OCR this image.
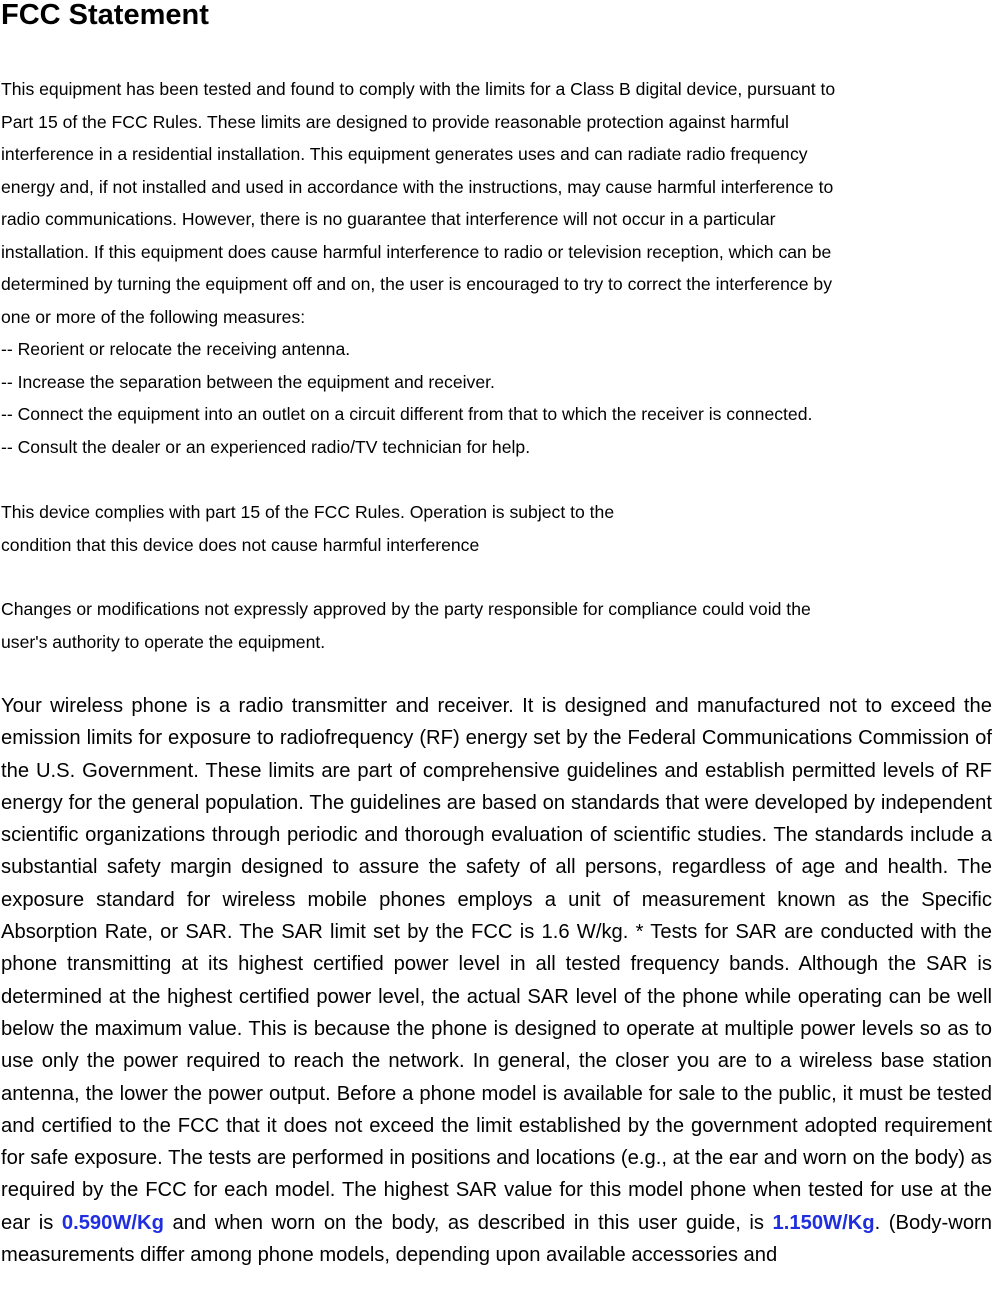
FCC Statement
This equipment has been tested and found to comply with the limits for a Class B digital device, pursuant to
Part 15 of the FCC Rules. These limits are designed to provide reasonable protection against harmful
interference in a residential installation. This equipment generates uses and can radiate radio frequency
energy and, if not installed and used in accordance with the instructions, may cause harmful interference to
radio communications. However, there is no guarantee that interference will not occur in a particular
installation. If this equipment does cause harmful interference to radio or television reception, which can be
determined by turning the equipment off and on, the user is encouraged to try to correct the interference by
one or more of the following measures:
-- Reorient or relocate the receiving antenna.
-- Increase the separation between the equipment and receiver.
-- Connect the equipment into an outlet on a circuit different from that to which the receiver is connected.
-- Consult the dealer or an experienced radio/TV technician for help.
This device complies with part 15 of the FCC Rules. Operation is subject to the
condition that this device does not cause harmful interference
Changes or modifications not expressly approved by the party responsible for compliance could void the
user's authority to operate the equipment.

Your wireless phone is a radio transmitter and receiver. It is designed and manufactured not to exceed the emission limits for exposure to radiofrequency (RF) energy set by the Federal Communications Commission of the U.S. Government. These limits are part of comprehensive guidelines and establish permitted levels of RF energy for the general population. The guidelines are based on standards that were developed by independent scientific organizations through periodic and thorough evaluation of scientific studies. The standards include a substantial safety margin designed to assure the safety of all persons, regardless of age and health. The exposure standard for wireless mobile phones employs a unit of measurement known as the Specific Absorption Rate, or SAR. The SAR limit set by the FCC is 1.6 W/kg. * Tests for SAR are conducted with the phone transmitting at its highest certified power level in all tested frequency bands. Although the SAR is determined at the highest certified power level, the actual SAR level of the phone while operating can be well below the maximum value. This is because the phone is designed to operate at multiple power levels so as to use only the power required to reach the network. In general, the closer you are to a wireless base station antenna, the lower the power output. Before a phone model is available for sale to the public, it must be tested and certified to the FCC that it does not exceed the limit established by the government adopted requirement for safe exposure. The tests are performed in positions and locations (e.g., at the ear and worn on the body) as required by the FCC for each model. The highest SAR value for this model phone when tested for use at the ear is 0.590W/Kg and when worn on the body, as described in this user guide, is 1.150W/Kg. (Body-worn measurements differ among phone models, depending upon available accessories and
